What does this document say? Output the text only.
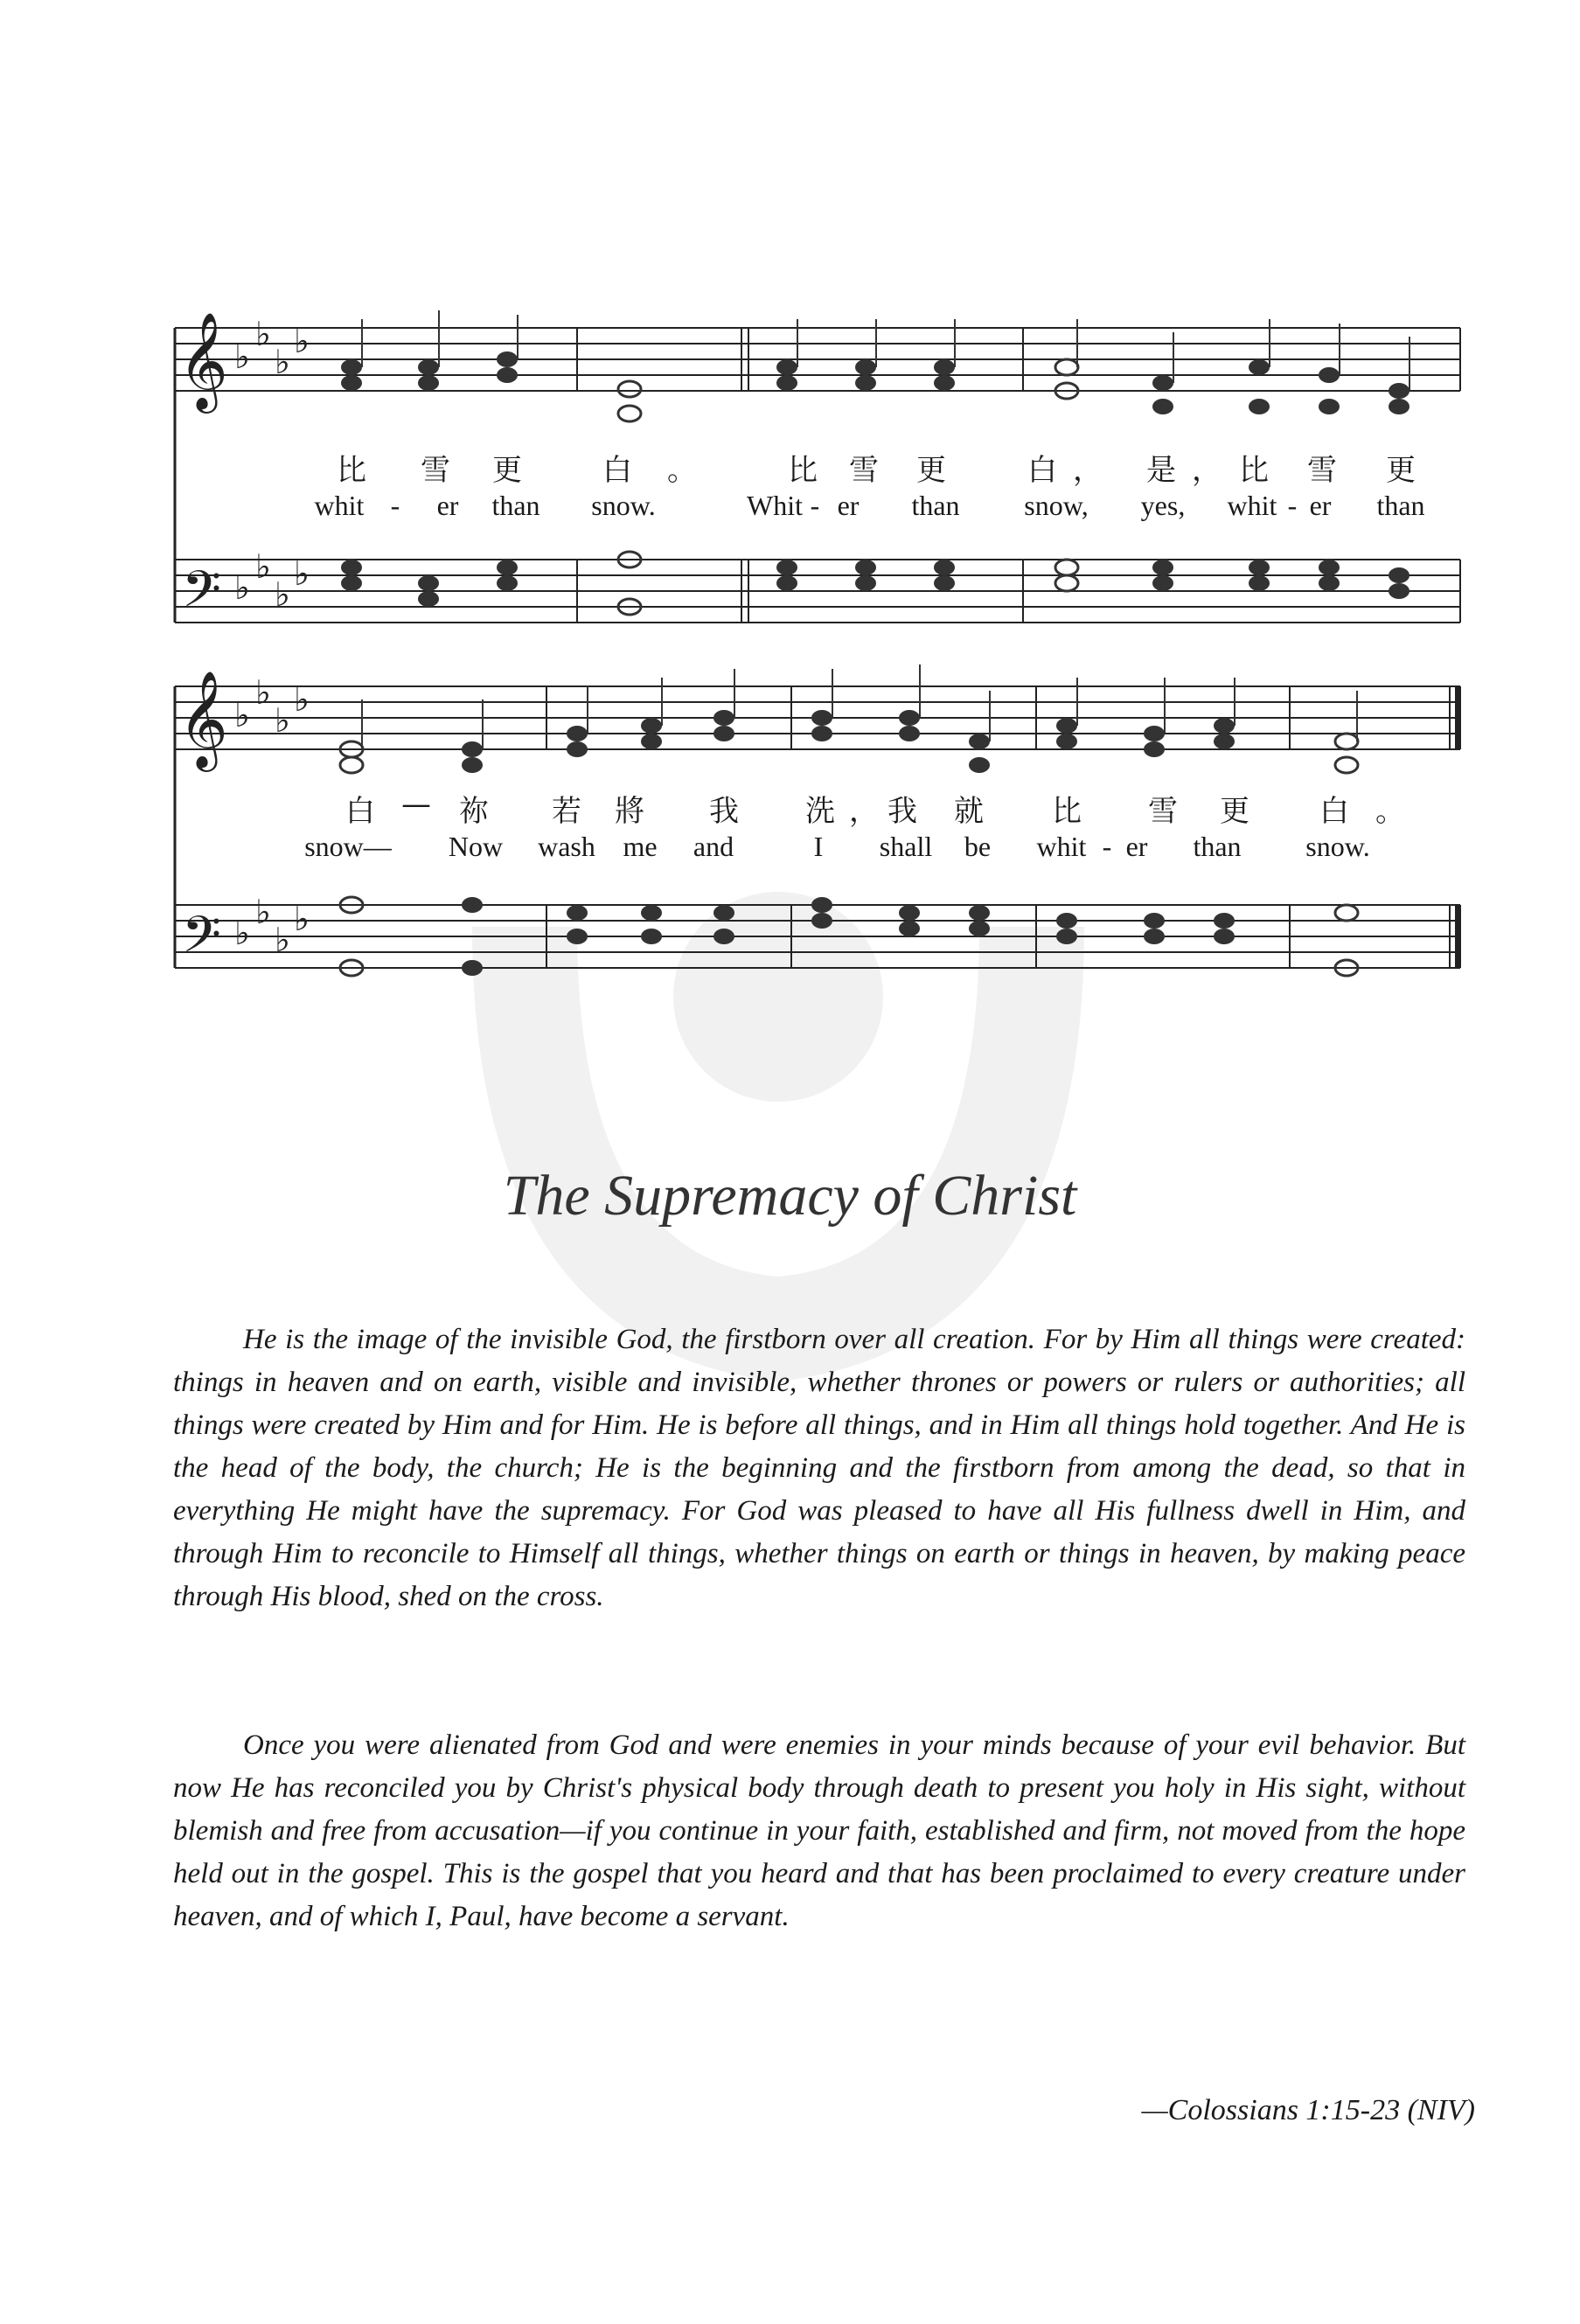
𝄞
𝄢
♭
♭
♭
♭
♭
♭
♭
♭
比 雪 更	白 。	比 雪 更	白 ， 是 ， 比 雪 更
whit - er than snow.	Whit - er than snow, yes, whit - er than
𝄞
𝄢
♭
♭
♭
♭
♭
♭
♭
♭
白 — 祢 若 將 我 洗 ， 我 就 比 雪 更 白 。
snow— Now wash me and	I shall be whit - er than snow.
The Supremacy of Christ

He is the image of the invisible God, the firstborn over all creation. For by Him all things were created: things in heaven and on earth, visible and invisible, whether thrones or powers or rulers or authorities; all things were created by Him and for Him. He is before all things, and in Him all things hold together. And He is the head of the body, the church; He is the beginning and the firstborn from among the dead, so that in everything He might have the supremacy. For God was pleased to have all His fullness dwell in Him, and through Him to reconcile to Himself all things, whether things on earth or things in heaven, by making peace through His blood, shed on the cross.

Once you were alienated from God and were enemies in your minds because of your evil behavior. But now He has reconciled you by Christ's physical body through death to present you holy in His sight, without blemish and free from accusation—if you continue in your faith, established and firm, not moved from the hope held out in the gospel. This is the gospel that you heard and that has been proclaimed to every creature under heaven, and of which I, Paul, have become a servant.

—Colossians 1:15-23 (NIV)
